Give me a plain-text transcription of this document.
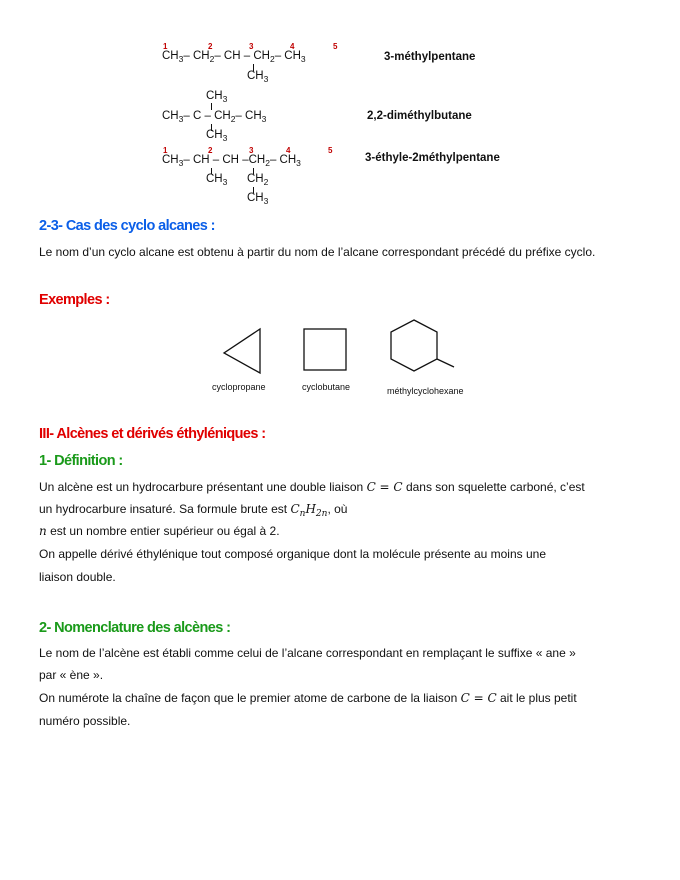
$CH_3-$ $CH_2-$ CH – $CH_2-$ $CH_3$
1	2	3	4	5
$CH_3$
3-méthylpentane
$CH_3$
$CH_3-$ C – $CH_2-$ $CH_3$
$CH_3$
2,2-diméthylbutane
$CH_3-$ CH – CH $-CH_2-$ $CH_3$
1	2	3	4	5
$CH_3$ $CH_2$
$CH_3$
3-éthyle-2méthylpentane
2-3- Cas des cyclo alcanes :
Le nom d’un cyclo alcane est obtenu à partir du nom de l’alcane correspondant précédé du préfixe cyclo.
Exemples :
cyclopropane	cyclobutane	méthylcyclohexane
III- Alcènes et dérivés éthyléniques :
1- Définition :
Un alcène est un hydrocarbure présentant une double liaison C = C dans son squelette carboné, c’est
un hydrocarbure insaturé. Sa formule brute est $C_nH_{2n}$, où
n est un nombre entier supérieur ou égal à 2.
On appelle dérivé éthylénique tout composé organique dont la molécule présente au moins une
liaison double.
2- Nomenclature des alcènes :
Le nom de l’alcène est établi comme celui de l’alcane correspondant en remplaçant le suffixe « ane »
par « ène ».
On numérote la chaîne de façon que le premier atome de carbone de la liaison C = C ait le plus petit
numéro possible.
